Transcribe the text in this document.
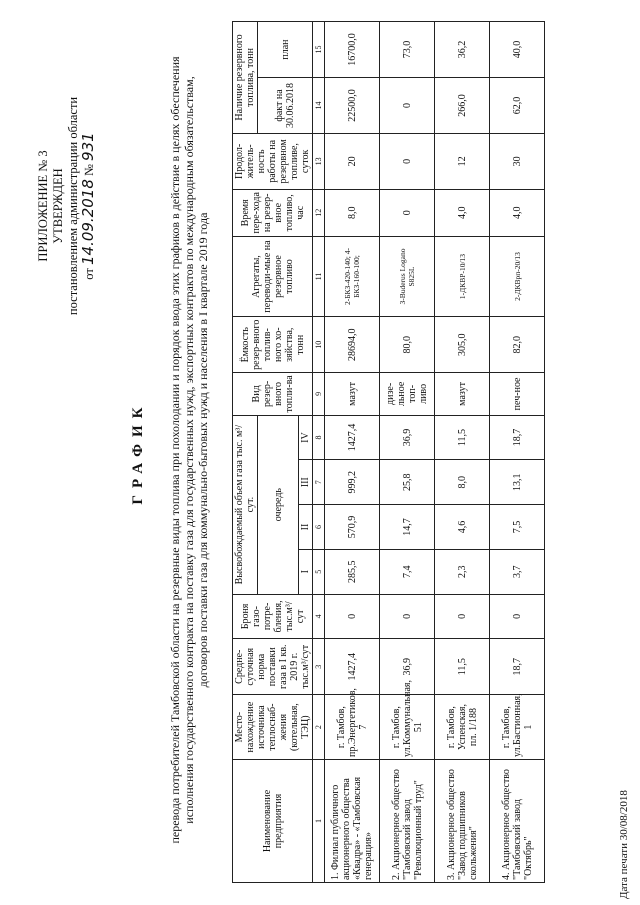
ПРИЛОЖЕНИЕ № 3 УТВЕРЖДЕН постановлением администрации области от 14.09.2018 № 931
ГРАФИК перевода потребителей Тамбовской области на резервные виды топлива при похолодании и порядок ввода этих графиков в действие в целях обеспечения исполнения государственного контракта на поставку газа для государственных нужд, экспортных контрактов по международным обязательствам, договоров поставки газа для коммунально-бытовых нужд и населения в I квартале 2019 года
Наименование предприятия	Место-нахождение источника теплоснаб-жения (котельная, ТЭЦ)	Средне-суточная норма поставки газа в I кв. 2019 г. тыс.м³/сут	Броня газо-потре-бления, тыс.м³/сут	Высвобождаемый объем газа тыс. м³/сут.				Вид резер-вного топли-ва	Ёмкость резер-вного топлив-ного хо-зяйства, тонн	Агрегаты, переводи-мые на резервное топливо	Время пере-хода на резер-вное топливо, час	Продол-житель-ность работы на резервном топливе, суток	Наличие резервного топлива, тонн	
				очередь									факт на 30.06.2018	план
				I	II	III	IV							
1	2	3	4	5	6	7	8	9	10	11	12	13	14	15
1. Филиал публичного акционерного общества «Квадра» - «Тамбовская генерация»	г. Тамбов, пр.Энергетиков, 7	1427,4	0	285,5	570,9	999,2	1427,4	мазут	28694,0	2-БКЗ-420-140; 4-БКЗ-160-100;	8,0	20	22500,0	16700,0
2. Акционерное общество "Тамбовский завод "Революционный труд"	г. Тамбов, ул.Коммунальная, 51	36,9	0	7,4	14,7	25,8	36,9	дизе-льное топ-ливо	80,0	3-Buderus Logano S825L	0	0	0	73,0
3. Акционерное общество "Завод подшипников скольжения"	г. Тамбов, Успенская, пл. 1/188	11,5	0	2,3	4,6	8,0	11,5	мазут	305,0	1-ДКВР-10/13	4,0	12	266,0	36,2
4. Акционерное общество "Тамбовский завод "Октябрь"	г. Тамбов, ул.Бастионная, 1	18,7	0	3,7	7,5	13,1	18,7	печ-ное	82,0	2-ДКВрп-20/13	4,0	30	62,0	40,0
Дата печати 30/08/2018
